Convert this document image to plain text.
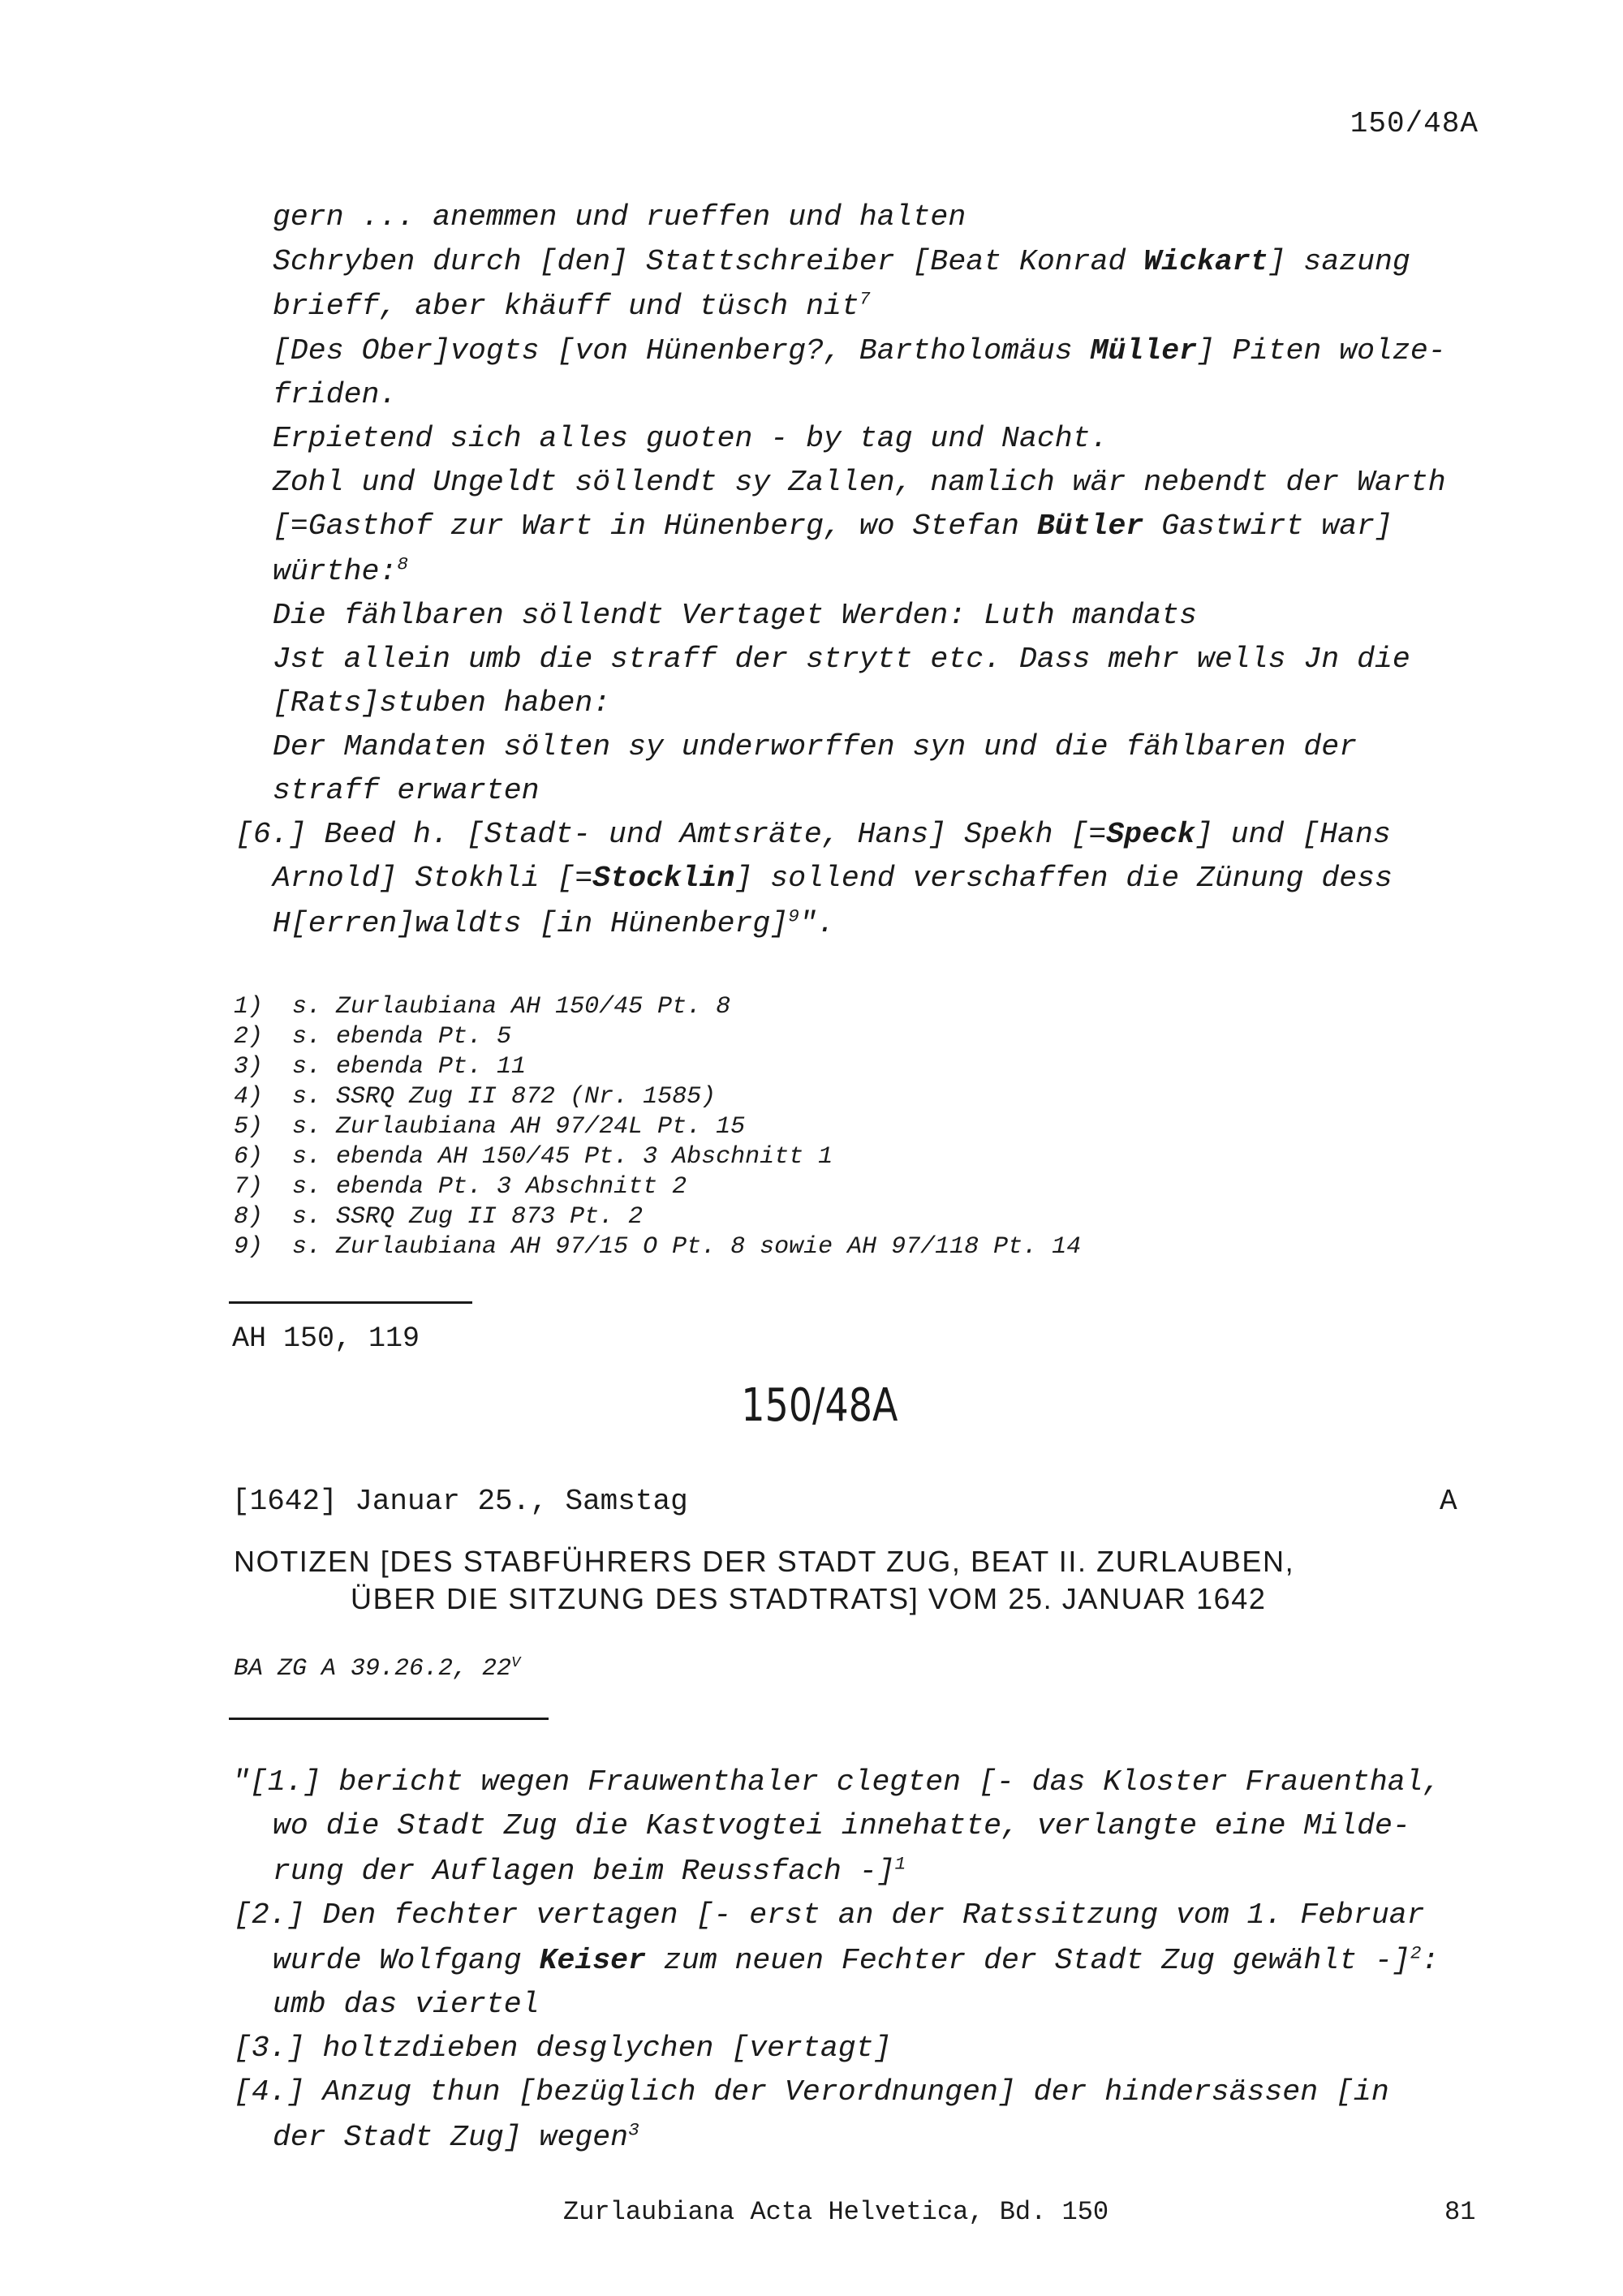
150/48A
gern ... anemmen und rueffen und halten
Schryben durch [den] Stattschreiber [Beat Konrad Wickart] sazung
brieff, aber khäuff und tüsch nit$^7$
[Des Ober]vogts [von Hünenberg?, Bartholomäus Müller] Piten wolze-
friden.
Erpietend sich alles guoten - by tag und Nacht.
Zohl und Ungeldt söllendt sy Zallen, namlich wär nebendt der Warth
[=Gasthof zur Wart in Hünenberg, wo Stefan Bütler Gastwirt war]
würthe:$^8$
Die fählbaren söllendt Vertaget Werden: Luth mandats
Jst allein umb die straff der strytt etc. Dass mehr wells Jn die
[Rats]stuben haben:
Der Mandaten sölten sy underworffen syn und die fählbaren der
straff erwarten
[6.] Beed h. [Stadt- und Amtsräte, Hans] Spekh [=Speck] und [Hans
Arnold] Stokhli [=Stocklin] sollend verschaffen die Zünung dess
H[erren]waldts [in Hünenberg]$^9$".
1)  s. Zurlaubiana AH 150/45 Pt. 8
2)  s. ebenda Pt. 5
3)  s. ebenda Pt. 11
4)  s. SSRQ Zug II 872 (Nr. 1585)
5)  s. Zurlaubiana AH 97/24L Pt. 15
6)  s. ebenda AH 150/45 Pt. 3 Abschnitt 1
7)  s. ebenda Pt. 3 Abschnitt 2
8)  s. SSRQ Zug II 873 Pt. 2
9)  s. Zurlaubiana AH 97/15 O Pt. 8 sowie AH 97/118 Pt. 14
AH 150, 119
150/48A
[1642] Januar 25., Samstag	A
NOTIZEN [DES STABFÜHRERS DER STADT ZUG, BEAT II. ZURLAUBEN,
ÜBER DIE SITZUNG DES STADTRATS] VOM 25. JANUAR 1642
BA ZG A 39.26.2, $22^V$
"[1.] bericht wegen Frauwenthaler clegten [- das Kloster Frauenthal,
wo die Stadt Zug die Kastvogtei innehatte, verlangte eine Milde-
rung der Auflagen beim Reussfach -]$^1$
[2.] Den fechter vertagen [- erst an der Ratssitzung vom 1. Februar
wurde Wolfgang Keiser zum neuen Fechter der Stadt Zug gewählt -]$^2$:
umb das viertel
[3.] holtzdieben desglychen [vertagt]
[4.] Anzug thun [bezüglich der Verordnungen] der hindersässen [in
der Stadt Zug] wegen$^3$
Zurlaubiana Acta Helvetica, Bd. 150	81
